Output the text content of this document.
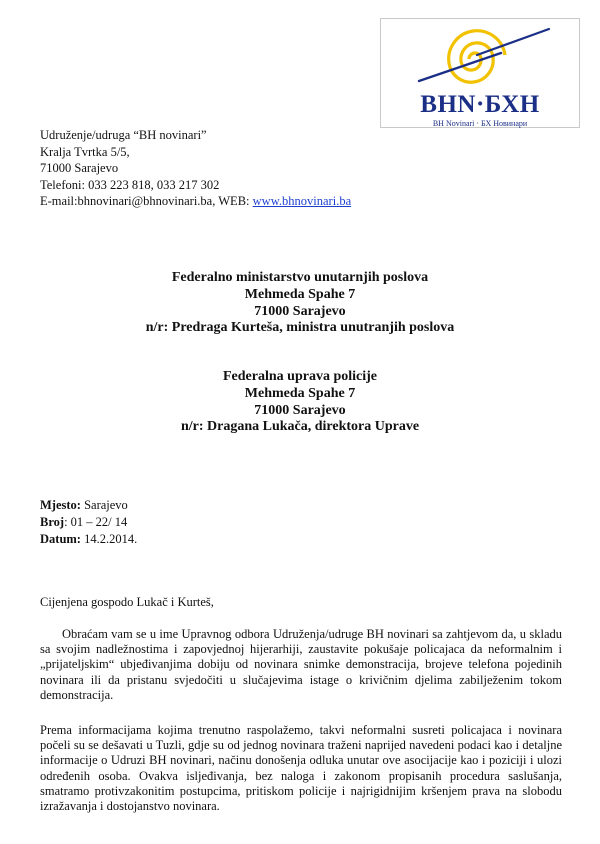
BHN·БХН
BH Novinari · БХ Новинари
Udruženje/udruga “BH novinari”
Kralja Tvrtka 5/5,
71000 Sarajevo
Telefoni: 033 223 818, 033 217 302
E-mail:bhnovinari@bhnovinari.ba, WEB: www.bhnovinari.ba
Federalno ministarstvo unutarnjih poslova
Mehmeda Spahe 7
71000 Sarajevo
n/r: Predraga Kurteša, ministra unutranjih poslova
Federalna uprava policije
Mehmeda Spahe 7
71000 Sarajevo
n/r: Dragana Lukača, direktora Uprave
Mjesto: Sarajevo
Broj: 01 – 22/ 14
Datum: 14.2.2014.
Cijenjena gospodo Lukač i Kurteš,
Obraćam vam se u ime Upravnog odbora Udruženja/udruge BH novinari sa zahtjevom da, u skladu sa svojim nadležnostima i zapovjednoj hijerarhiji, zaustavite pokušaje policajaca da neformalnim i „prijateljskim“ ubjeđivanjima dobiju od novinara snimke demonstracija, brojeve telefona pojedinih novinara ili da pristanu svjedočiti u slučajevima istage o krivičnim djelima zabilježenim tokom demonstracija.
Prema informacijama kojima trenutno raspolažemo, takvi neformalni susreti policajaca i novinara počeli su se dešavati u Tuzli, gdje su od jednog novinara traženi naprijed navedeni podaci kao i detaljne informacije o Udruzi BH novinari, načinu donošenja odluka unutar ove asocijacije kao i poziciji i ulozi određenih osoba. Ovakva isljeđivanja, bez naloga i zakonom propisanih procedura saslušanja, smatramo protivzakonitim postupcima, pritiskom policije i najrigidnijim kršenjem prava na slobodu izražavanja i dostojanstvo novinara.
